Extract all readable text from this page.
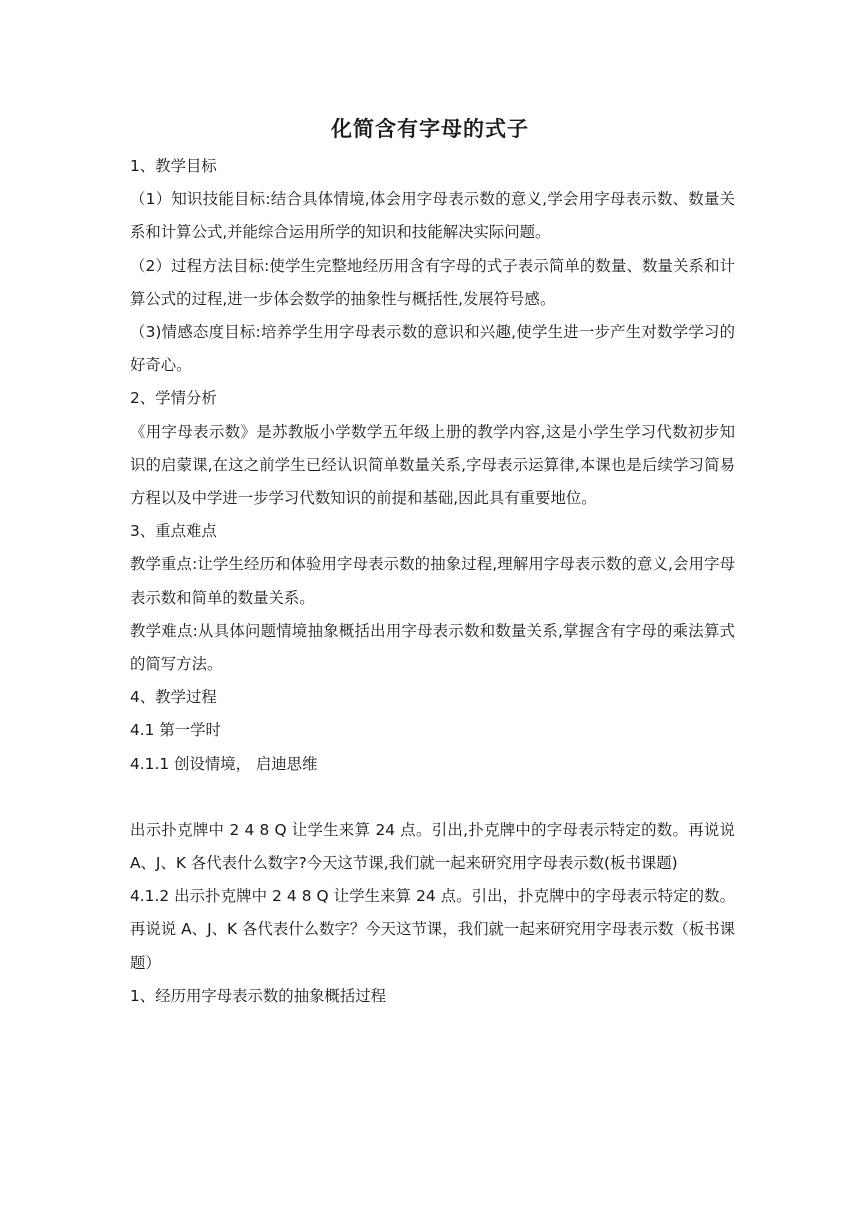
化简含有字母的式子

1、教学目标

（1）知识技能目标:结合具体情境,体会用字母表示数的意义,学会用字母表示数、数量关系和计算公式,并能综合运用所学的知识和技能解决实际问题。

（2）过程方法目标:使学生完整地经历用含有字母的式子表示简单的数量、数量关系和计算公式的过程,进一步体会数学的抽象性与概括性,发展符号感。

（3)情感态度目标:培养学生用字母表示数的意识和兴趣,使学生进一步产生对数学学习的好奇心。

2、学情分析

《用字母表示数》是苏教版小学数学五年级上册的教学内容,这是小学生学习代数初步知识的启蒙课,在这之前学生已经认识简单数量关系,字母表示运算律,本课也是后续学习简易方程以及中学进一步学习代数知识的前提和基础,因此具有重要地位。

3、重点难点

教学重点:让学生经历和体验用字母表示数的抽象过程,理解用字母表示数的意义,会用字母表示数和简单的数量关系。

教学难点:从具体问题情境抽象概括出用字母表示数和数量关系,掌握含有字母的乘法算式的简写方法。

4、教学过程

4.1 第一学时

4.1.1 创设情境， 启迪思维

出示扑克牌中 2 4 8 Q 让学生来算 24 点。引出,扑克牌中的字母表示特定的数。再说说 A、J、K 各代表什么数字?今天这节课,我们就一起来研究用字母表示数(板书课题)

4.1.2 出示扑克牌中 2 4 8 Q 让学生来算 24 点。引出，扑克牌中的字母表示特定的数。再说说 A、J、K 各代表什么数字？今天这节课，我们就一起来研究用字母表示数（板书课题）

1、经历用字母表示数的抽象概括过程
